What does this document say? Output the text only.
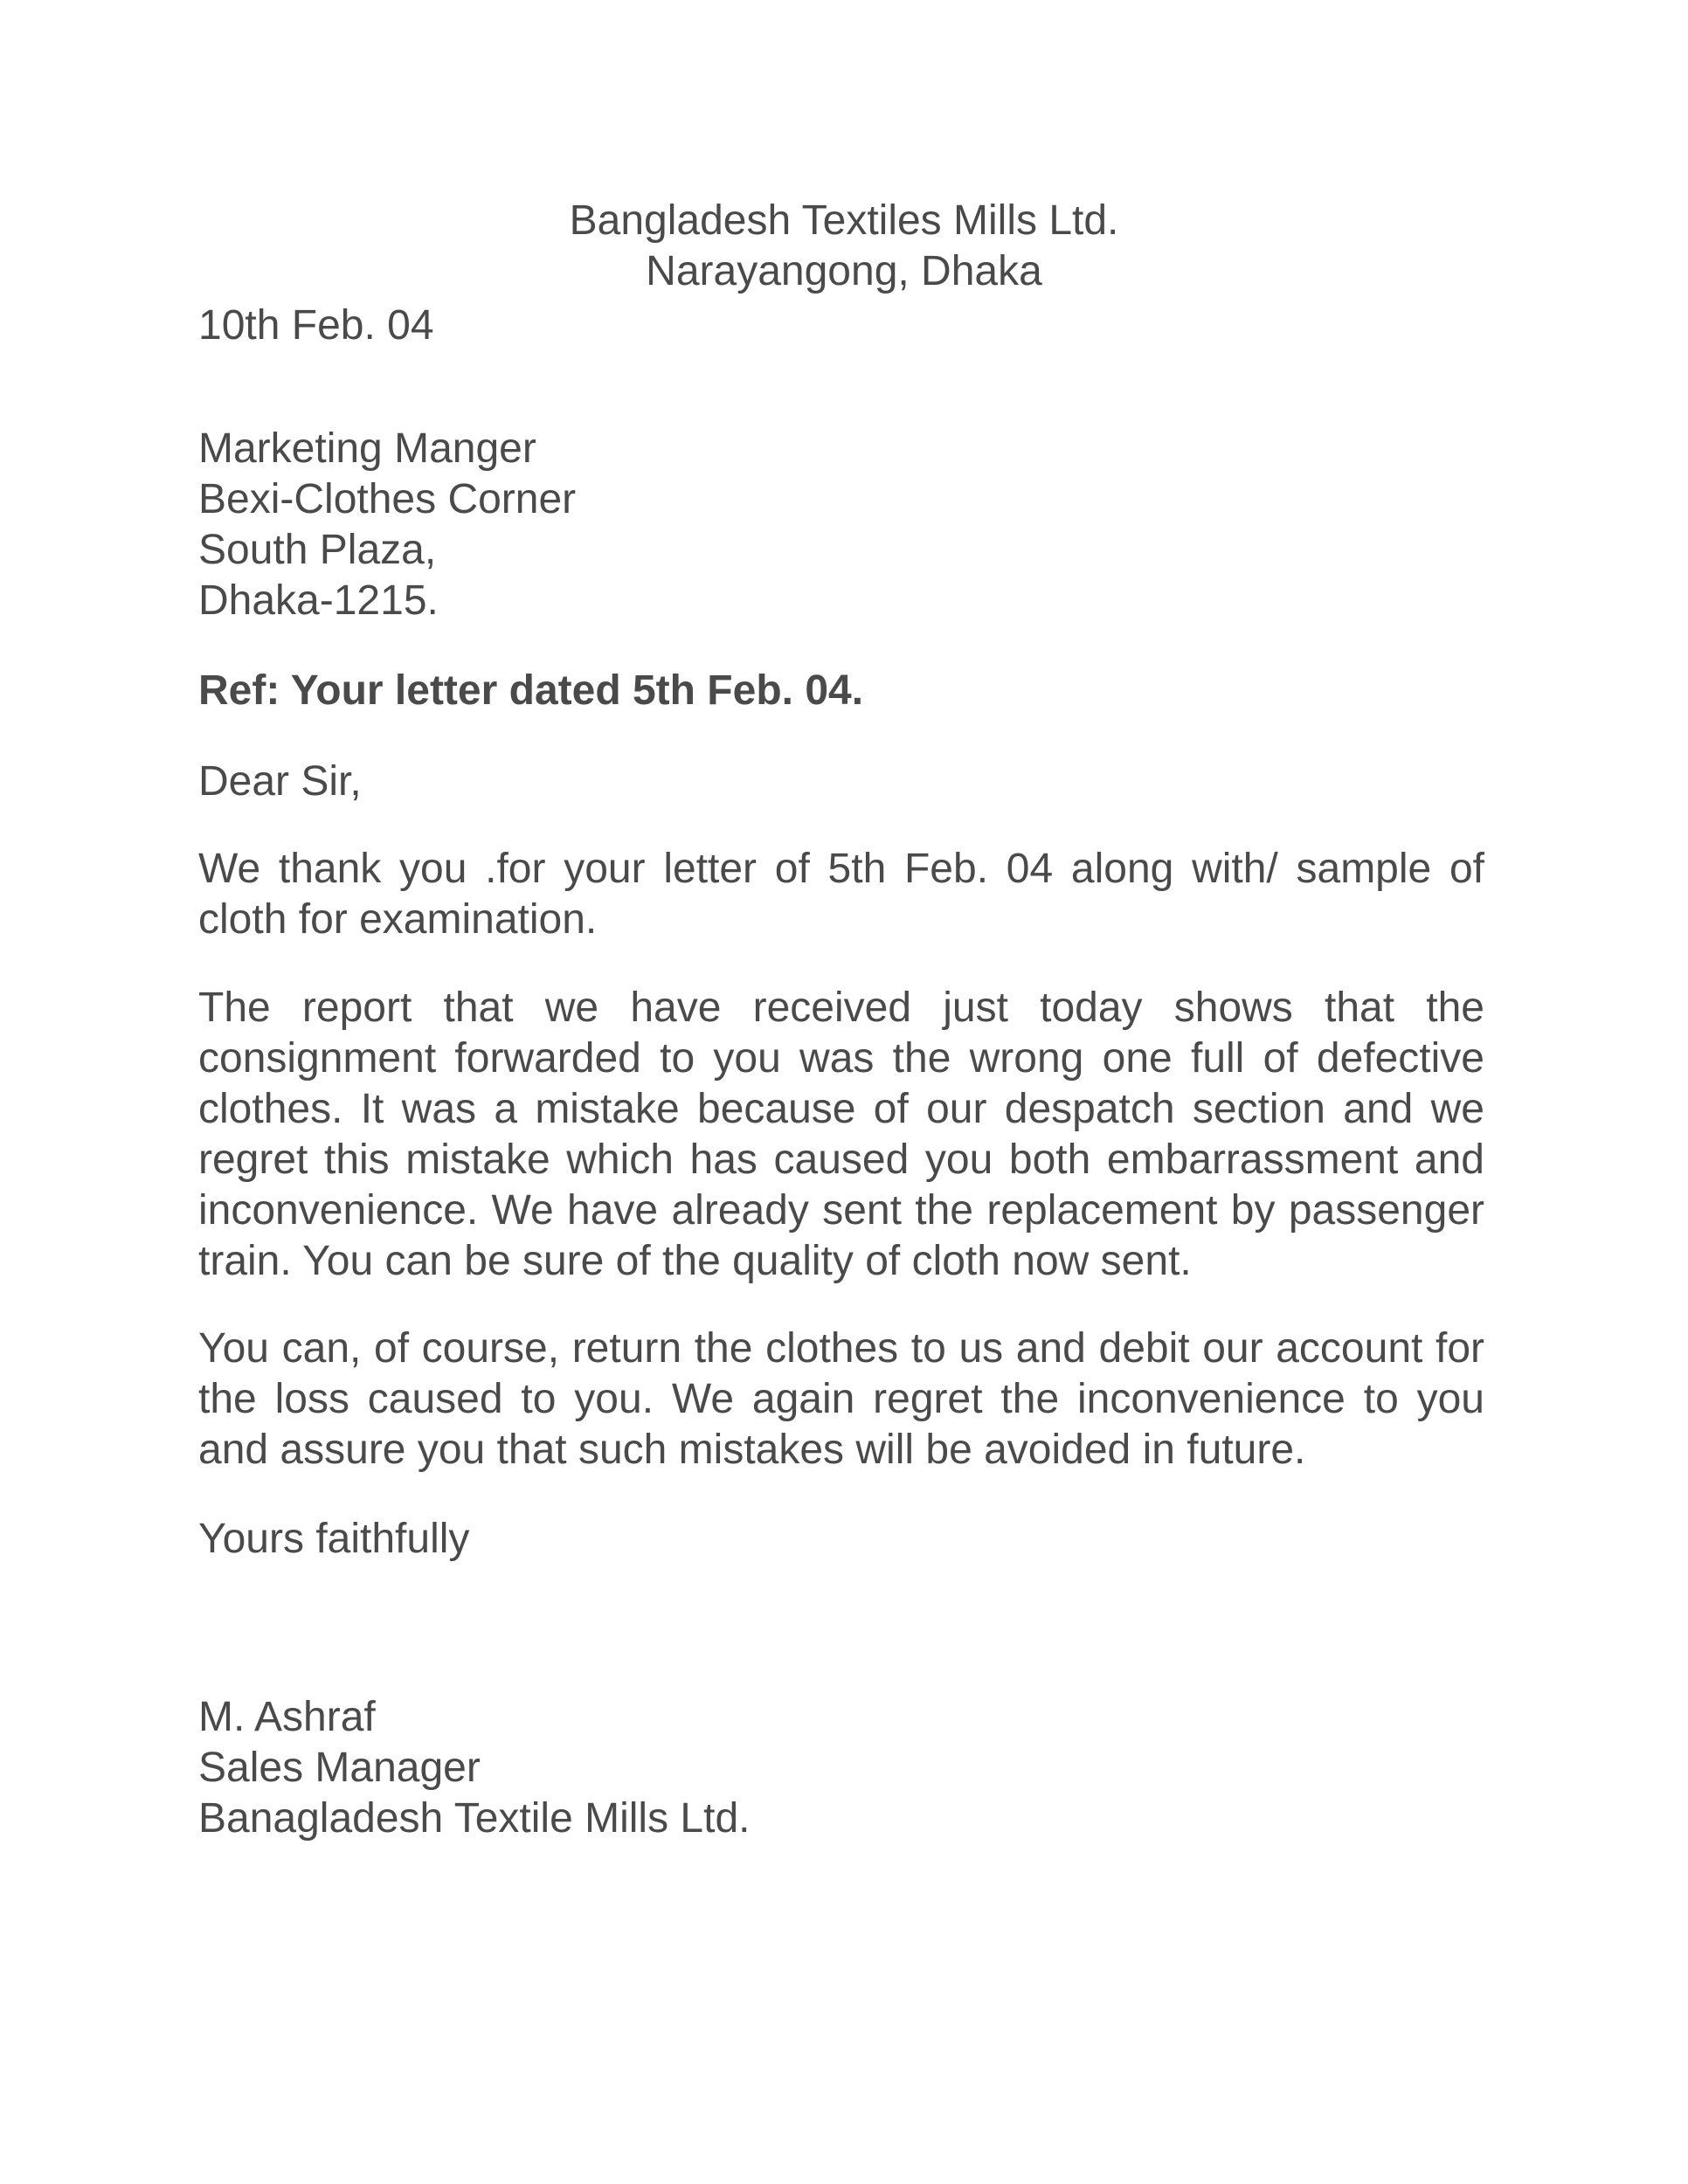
Bangladesh Textiles Mills Ltd.
Narayangong, Dhaka
10th Feb. 04
Marketing Manger
Bexi-Clothes Corner
South Plaza,
Dhaka-1215.
Ref: Your letter dated 5th Feb. 04.
Dear Sir,
We thank you .for your letter of 5th Feb. 04 along with/ sample of cloth for examination.
The report that we have received just today shows that the consignment forwarded to you was the wrong one full of defective clothes. It was a mistake because of our despatch section and we regret this mistake which has caused you both embarrassment and inconvenience. We have already sent the replacement by passenger train. You can be sure of the quality of cloth now sent.
You can, of course, return the clothes to us and debit our account for the loss caused to you. We again regret the inconvenience to you and assure you that such mistakes will be avoided in future.
Yours faithfully
M. Ashraf
Sales Manager
Banagladesh Textile Mills Ltd.
